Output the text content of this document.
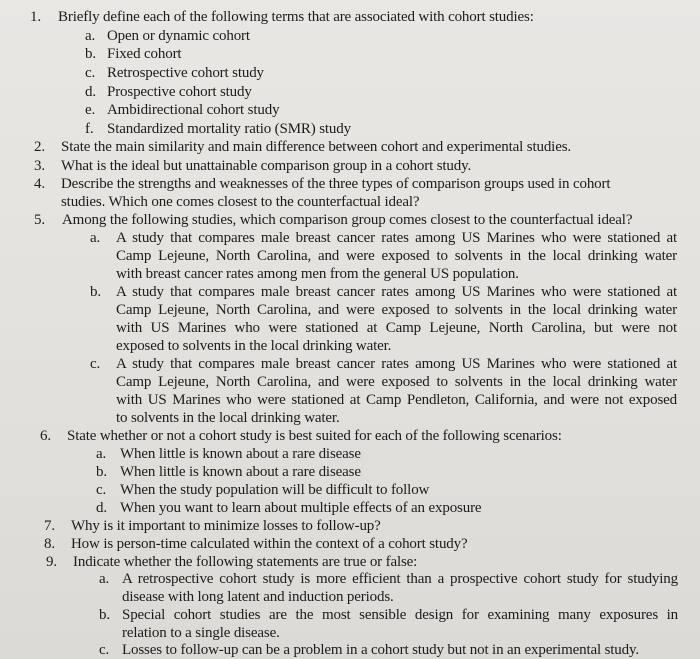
1. Briefly define each of the following terms that are associated with cohort studies:
a. Open or dynamic cohort
b. Fixed cohort
c. Retrospective cohort study
d. Prospective cohort study
e. Ambidirectional cohort study
f. Standardized mortality ratio (SMR) study
2. State the main similarity and main difference between cohort and experimental studies.
3. What is the ideal but unattainable comparison group in a cohort study.
4. Describe the strengths and weaknesses of the three types of comparison groups used in cohort
studies. Which one comes closest to the counterfactual ideal?
5. Among the following studies, which comparison group comes closest to the counterfactual ideal?
a. A study that compares male breast cancer rates among US Marines who were stationed at
Camp Lejeune, North Carolina, and were exposed to solvents in the local drinking water
with breast cancer rates among men from the general US population.
b. A study that compares male breast cancer rates among US Marines who were stationed at
Camp Lejeune, North Carolina, and were exposed to solvents in the local drinking water
with US Marines who were stationed at Camp Lejeune, North Carolina, but were not
exposed to solvents in the local drinking water.
c. A study that compares male breast cancer rates among US Marines who were stationed at
Camp Lejeune, North Carolina, and were exposed to solvents in the local drinking water
with US Marines who were stationed at Camp Pendleton, California, and were not exposed
to solvents in the local drinking water.
6. State whether or not a cohort study is best suited for each of the following scenarios:
a. When little is known about a rare disease
b. When little is known about a rare disease
c. When the study population will be difficult to follow
d. When you want to learn about multiple effects of an exposure
7. Why is it important to minimize losses to follow-up?
8. How is person-time calculated within the context of a cohort study?
9. Indicate whether the following statements are true or false:
a. A retrospective cohort study is more efficient than a prospective cohort study for studying
disease with long latent and induction periods.
b. Special cohort studies are the most sensible design for examining many exposures in
relation to a single disease.
c. Losses to follow-up can be a problem in a cohort study but not in an experimental study.
